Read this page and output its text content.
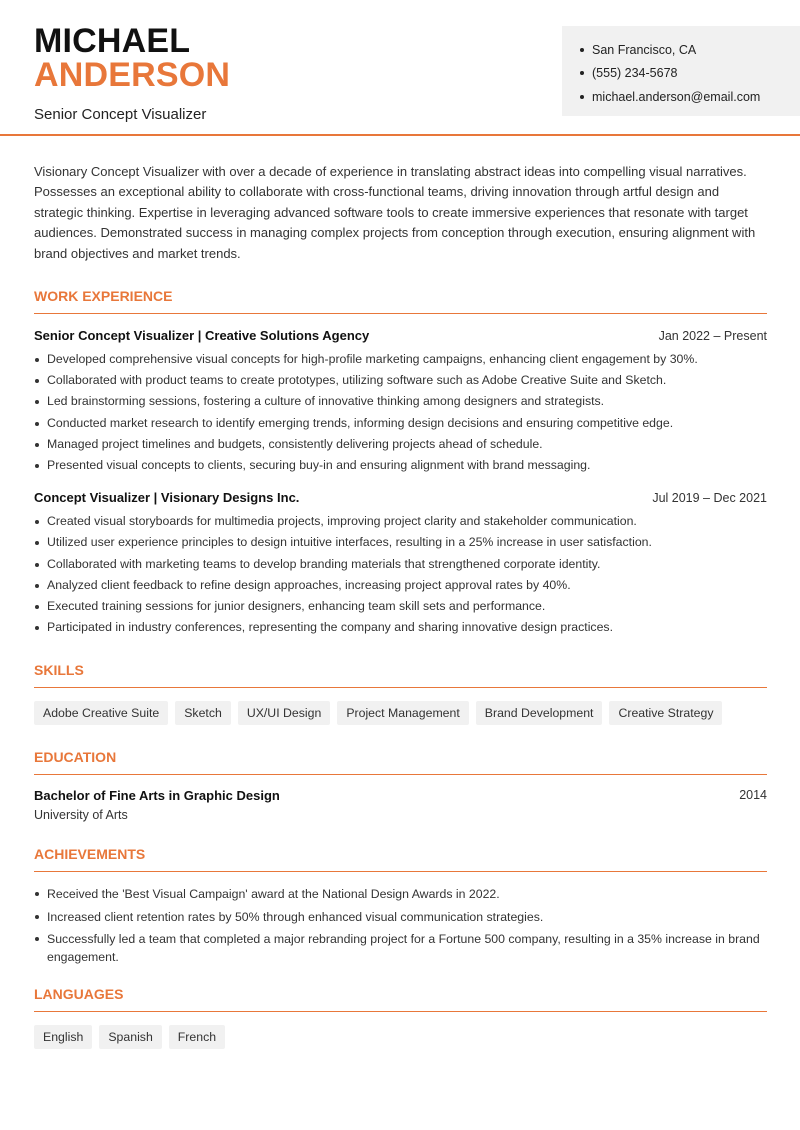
MICHAEL
ANDERSON
Senior Concept Visualizer
San Francisco, CA
(555) 234-5678
michael.anderson@email.com

Visionary Concept Visualizer with over a decade of experience in translating abstract ideas into compelling visual narratives. Possesses an exceptional ability to collaborate with cross-functional teams, driving innovation through artful design and strategic thinking. Expertise in leveraging advanced software tools to create immersive experiences that resonate with target audiences. Demonstrated success in managing complex projects from conception through execution, ensuring alignment with brand objectives and market trends.

WORK EXPERIENCE
Senior Concept Visualizer | Creative Solutions Agency	Jan 2022 – Present
Developed comprehensive visual concepts for high-profile marketing campaigns, enhancing client engagement by 30%.
Collaborated with product teams to create prototypes, utilizing software such as Adobe Creative Suite and Sketch.
Led brainstorming sessions, fostering a culture of innovative thinking among designers and strategists.
Conducted market research to identify emerging trends, informing design decisions and ensuring competitive edge.
Managed project timelines and budgets, consistently delivering projects ahead of schedule.
Presented visual concepts to clients, securing buy-in and ensuring alignment with brand messaging.
Concept Visualizer | Visionary Designs Inc.	Jul 2019 – Dec 2021
Created visual storyboards for multimedia projects, improving project clarity and stakeholder communication.
Utilized user experience principles to design intuitive interfaces, resulting in a 25% increase in user satisfaction.
Collaborated with marketing teams to develop branding materials that strengthened corporate identity.
Analyzed client feedback to refine design approaches, increasing project approval rates by 40%.
Executed training sessions for junior designers, enhancing team skill sets and performance.
Participated in industry conferences, representing the company and sharing innovative design practices.
SKILLS
Adobe Creative Suite	Sketch	UX/UI Design	Project Management	Brand Development	Creative Strategy
EDUCATION
Bachelor of Fine Arts in Graphic Design	2014
University of Arts
ACHIEVEMENTS
Received the 'Best Visual Campaign' award at the National Design Awards in 2022.
Increased client retention rates by 50% through enhanced visual communication strategies.
Successfully led a team that completed a major rebranding project for a Fortune 500 company, resulting in a 35% increase in brand engagement.
LANGUAGES
English	Spanish	French
